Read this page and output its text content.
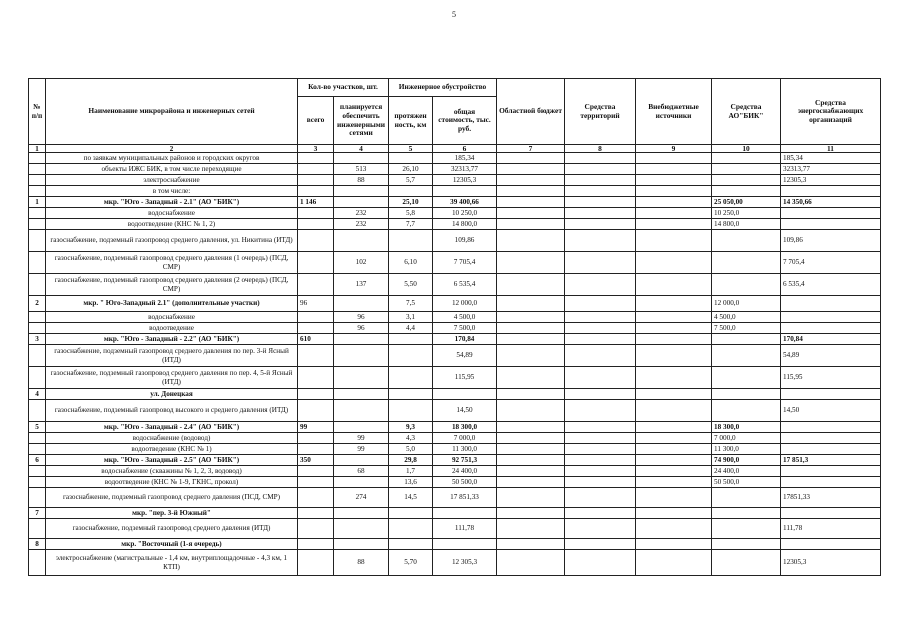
5
№ п/п	Наименование микрорайона и инженерных сетей	Кол-во участков, шт.		Инженерное обустройство		Областной бюджет	Средства территорий	Внебюджетные источники	Средства АО"БИК"	Средства энергоснабжающих организаций
		всего	планируется обеспечить инженерными сетями	протяжен ность, км	общая стоимость, тыс. руб.					
1	2	3	4	5	6	7	8	9	10	11
	по заявкам муниципальных районов и городских округов				185,34					185,34
	объекты ИЖС БИК, в том числе переходящие		513	26,10	32313,77					32313,77
	электроснабжение		88	5,7	12305,3					12305,3
	в том числе:									
1	мкр. "Юго - Западный - 2.1" (АО "БИК")	1 146		25,10	39 400,66				25 050,00	14 350,66
	водоснабжение		232	5,8	10 250,0				10 250,0	
	водоотведение (КНС № 1, 2)		232	7,7	14 800,0				14 800,0	
	газоснабжение, подземный газопровод среднего давления, ул. Никитина (ИТД)				109,86					109,86
	газоснабжение, подземный газопровод среднего давления (1 очередь) (ПСД, СМР)		102	6,10	7 705,4					7 705,4
	газоснабжение, подземный газопровод среднего давления (2 очередь) (ПСД, СМР)		137	5,50	6 535,4					6 535,4
2	мкр. " Юго-Западный 2.1" (дополнительные участки)	96		7,5	12 000,0				12 000,0	
	водоснабжение		96	3,1	4 500,0				4 500,0	
	водоотведение		96	4,4	7 500,0				7 500,0	
3	мкр. "Юго - Западный - 2.2" (АО "БИК")	610			170,84					170,84
	газоснабжение, подземный газопровод среднего давления по пер. 3-й Ясный (ИТД)				54,89					54,89
	газоснабжение, подземный газопровод среднего давления по пер. 4, 5-й Ясный (ИТД)				115,95					115,95
4	ул. Донецкая									
	газоснабжение, подземный газопровод высокого и среднего давления (ИТД)				14,50					14,50
5	мкр. "Юго - Западный - 2.4" (АО "БИК")	99		9,3	18 300,0				18 300,0	
	водоснабжение (водовод)		99	4,3	7 000,0				7 000,0	
	водоотведение (КНС № 1)		99	5,0	11 300,0				11 300,0	
6	мкр. "Юго - Западный - 2.5" (АО "БИК")	350		29,8	92 751,3				74 900,0	17 851,3
	водоснабжение (скважины № 1, 2, 3, водовод)		68	1,7	24 400,0				24 400,0	
	водоотведение (КНС № 1-9, ГКНС, прокол)			13,6	50 500,0				50 500,0	
	газоснабжение, подземный газопровод среднего давления (ПСД, СМР)		274	14,5	17 851,33					17851,33
7	мкр. "пер. 3-й Южный"									
	газоснабжение, подземный газопровод среднего давления (ИТД)				111,78					111,78
8	мкр. "Восточный (1-я очередь)									
	электроснабжение (магистральные - 1,4 км, внутриплощадочные - 4,3 км, 1 КТП)		88	5,70	12 305,3					12305,3
